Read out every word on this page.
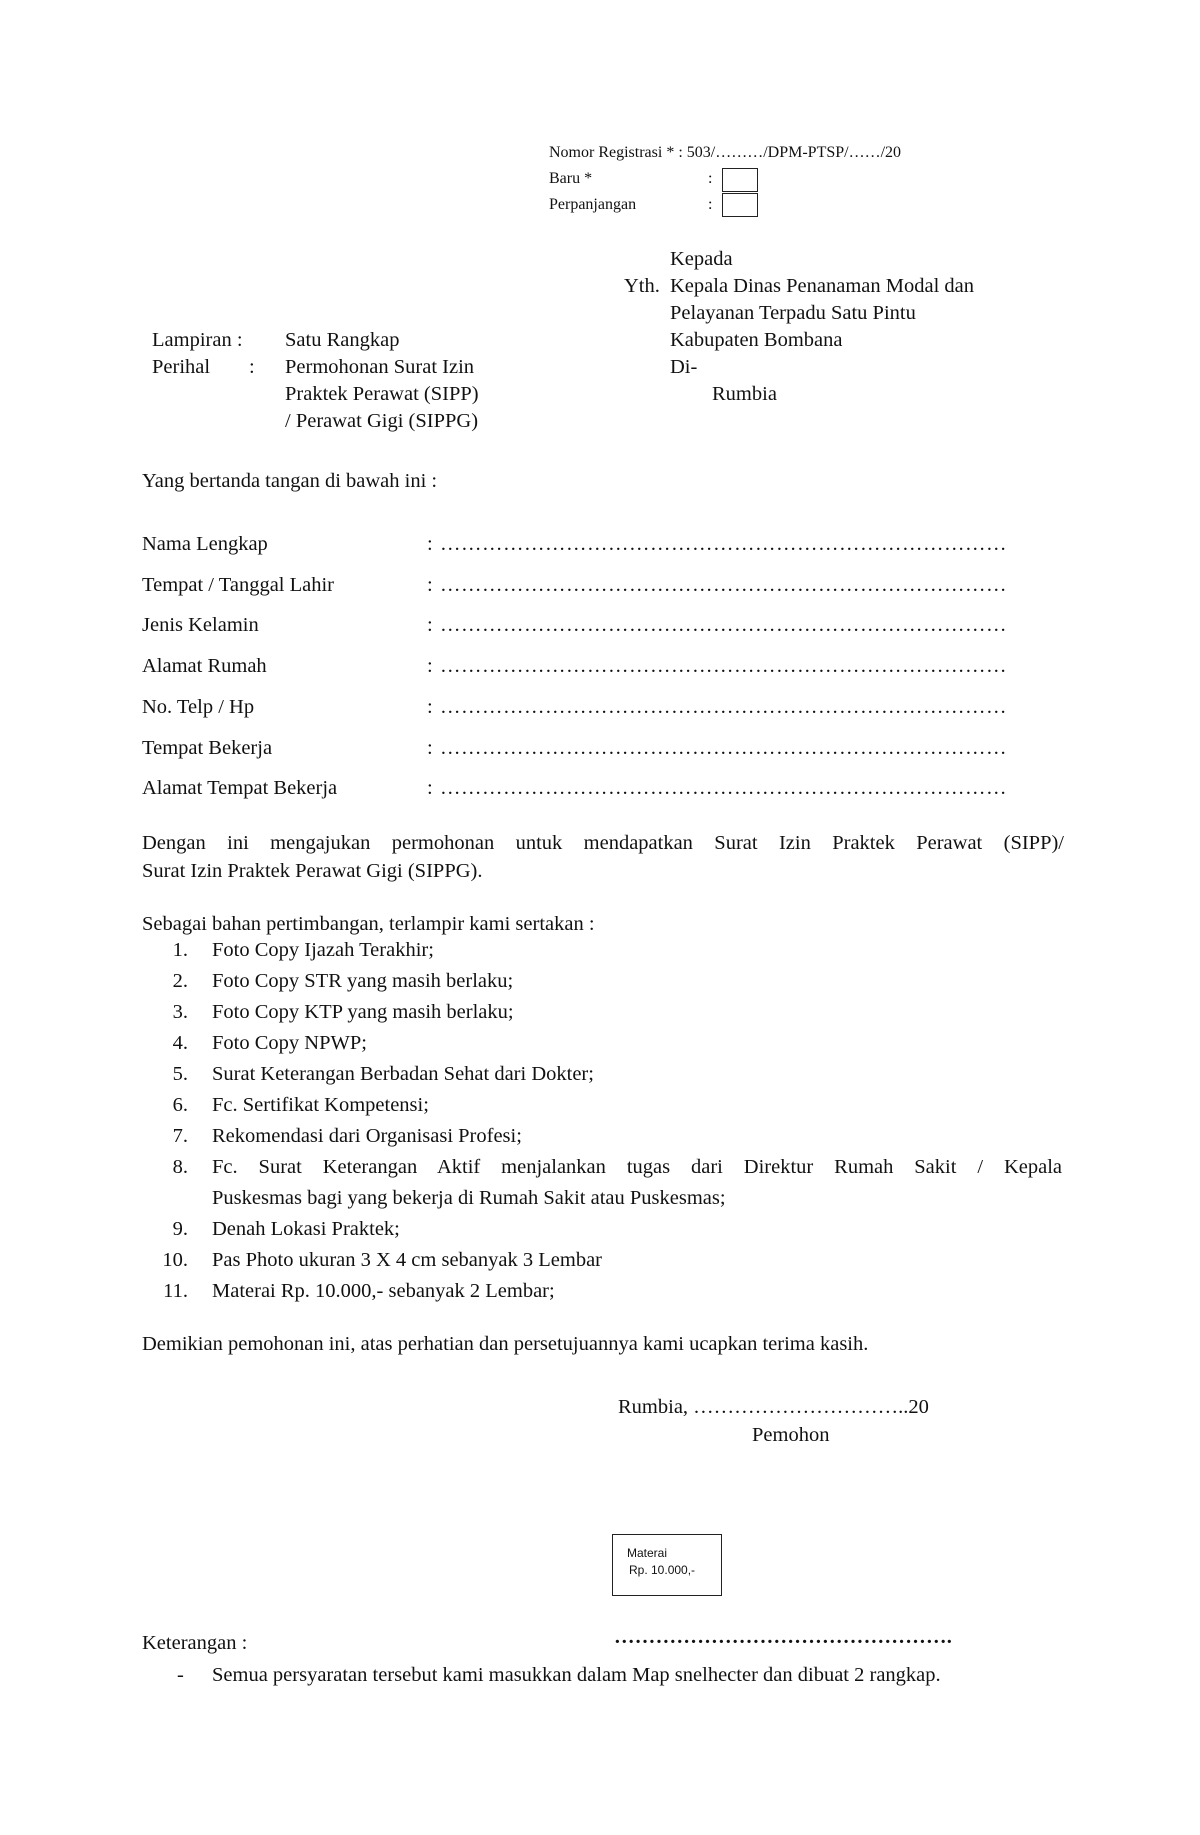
Nomor Registrasi * : 503/………/DPM-PTSP/……/20
Baru *	:
Perpanjangan	:
Kepada
Yth. Kepala Dinas Penanaman Modal dan
Pelayanan Terpadu Satu Pintu
Kabupaten Bombana
Di-
Rumbia
Lampiran : Satu Rangkap
Perihal : Permohonan Surat Izin
Praktek Perawat (SIPP)
/ Perawat Gigi (SIPPG)
Yang bertanda tangan di bawah ini :
Nama Lengkap	: ………………………………………………………………………
Tempat / Tanggal Lahir	: ………………………………………………………………………
Jenis Kelamin	: ………………………………………………………………………
Alamat Rumah	: ………………………………………………………………………
No. Telp / Hp	: ………………………………………………………………………
Tempat Bekerja	: ………………………………………………………………………
Alamat Tempat Bekerja	: ………………………………………………………………………
Dengan ini mengajukan permohonan untuk mendapatkan Surat Izin Praktek Perawat (SIPP)/
Surat Izin Praktek Perawat Gigi (SIPPG).
Sebagai bahan pertimbangan, terlampir kami sertakan :
1. Foto Copy Ijazah Terakhir;
2. Foto Copy STR yang masih berlaku;
3. Foto Copy KTP yang masih berlaku;
4. Foto Copy NPWP;
5. Surat Keterangan Berbadan Sehat dari Dokter;
6. Fc. Sertifikat Kompetensi;
7. Rekomendasi dari Organisasi Profesi;
8. Fc. Surat Keterangan Aktif menjalankan tugas dari Direktur Rumah Sakit / Kepala
Puskesmas bagi yang bekerja di Rumah Sakit atau Puskesmas;
9. Denah Lokasi Praktek;
10. Pas Photo ukuran 3 X 4 cm sebanyak 3 Lembar
11. Materai Rp. 10.000,- sebanyak 2 Lembar;
Demikian pemohonan ini, atas perhatian dan persetujuannya kami ucapkan terima kasih.
Rumbia, …………………………..20
Pemohon
Materai
Rp. 10.000,-
………………………………………….
Keterangan :
- Semua persyaratan tersebut kami masukkan dalam Map snelhecter dan dibuat 2 rangkap.
